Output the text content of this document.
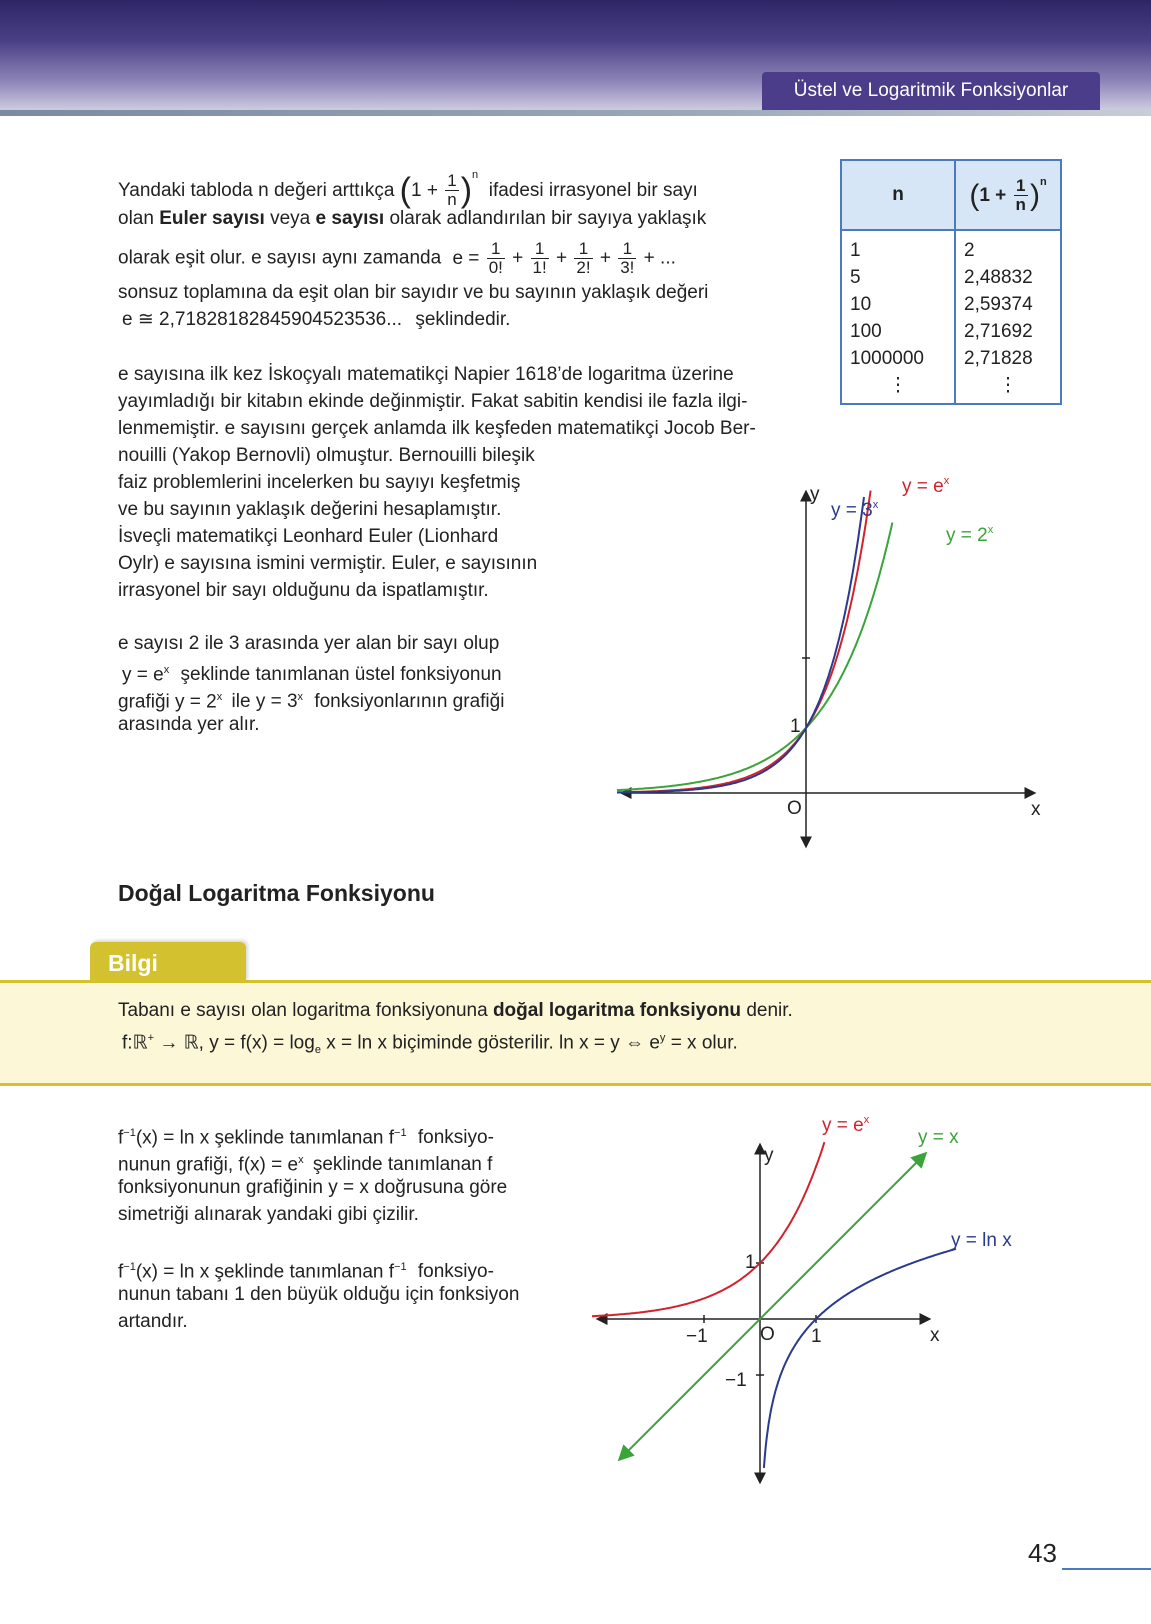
Üstel ve Logaritmik Fonksiyonlar
Yandaki tabloda n değeri arttıkça $(1 + \frac{1}{n} )^n$  ifadesi irrasyonel bir sayı
olan Euler sayısı veya e sayısı olarak adlandırılan bir sayıya yaklaşık
olarak eşit olur. e sayısı aynı zamanda $e = \frac{1}{0!} + \frac{1}{1!} + \frac{1}{2!} + \frac{1}{3!}$ + ...
sonsuz toplamına da eşit olan bir sayıdır ve bu sayının yaklaşık değeri
e ≅ 2,71828182845904523536... şeklindedir.
n	$(1 + \frac{1}{n} )^n$
1	2
5	2,48832
10	2,59374
100	2,71692
1000000	2,71828
⋮	⋮
e sayısına ilk kez İskoçyalı matematikçi Napier 1618’de logaritma üzerine
yayımladığı bir kitabın ekinde değinmiştir. Fakat sabitin kendisi ile fazla ilgi-
lenmemiştir. e sayısını gerçek anlamda ilk keşfeden matematikçi Jocob Ber-
nouilli (Yakop Bernovli) olmuştur. Bernouilli bileşik
faiz problemlerini incelerken bu sayıyı keşfetmiş
ve bu sayının yaklaşık değerini hesaplamıştır.
İsveçli matematikçi Leonhard Euler (Lionhard
Oylr) e sayısına ismini vermiştir. Euler, e sayısının
irrasyonel bir sayı olduğunu da ispatlamıştır.
e sayısı 2 ile 3 arasında yer alan bir sayı olup
$y = e^x$ şeklinde tanımlanan üstel fonksiyonun
grafiği $y = 2^x$ ile $y = 3^x$ fonksiyonlarının grafiği
arasında yer alır.
y
x
O
1
$y = 3^x$
$y = e^x$
$y = 2^x$
y
x
O 1
−1
1
−1
$y = e^x$
y = x
y = ln x
Doğal Logaritma Fonksiyonu
Bilgi
Tabanı e sayısı olan logaritma fonksiyonuna doğal logaritma fonksiyonu denir.
f:ℝ+ → ℝ, $y = f(x) = \log_e x = \ln x$ biçiminde gösterilir. ln x = y ⇔ $e^y = x$ olur.
$f^{-1}(x) = \ln x$ şeklinde tanımlanan $f^{-1}$ fonksiyo-
nunun grafiği, $f(x) = e^x$ şeklinde tanımlanan f
fonksiyonunun grafiğinin y = x doğrusuna göre
simetriği alınarak yandaki gibi çizilir.
$f^{-1}(x) = \ln x$ şeklinde tanımlanan $f^{-1}$ fonksiyo-
nunun tabanı 1 den büyük olduğu için fonksiyon
artandır.
43
